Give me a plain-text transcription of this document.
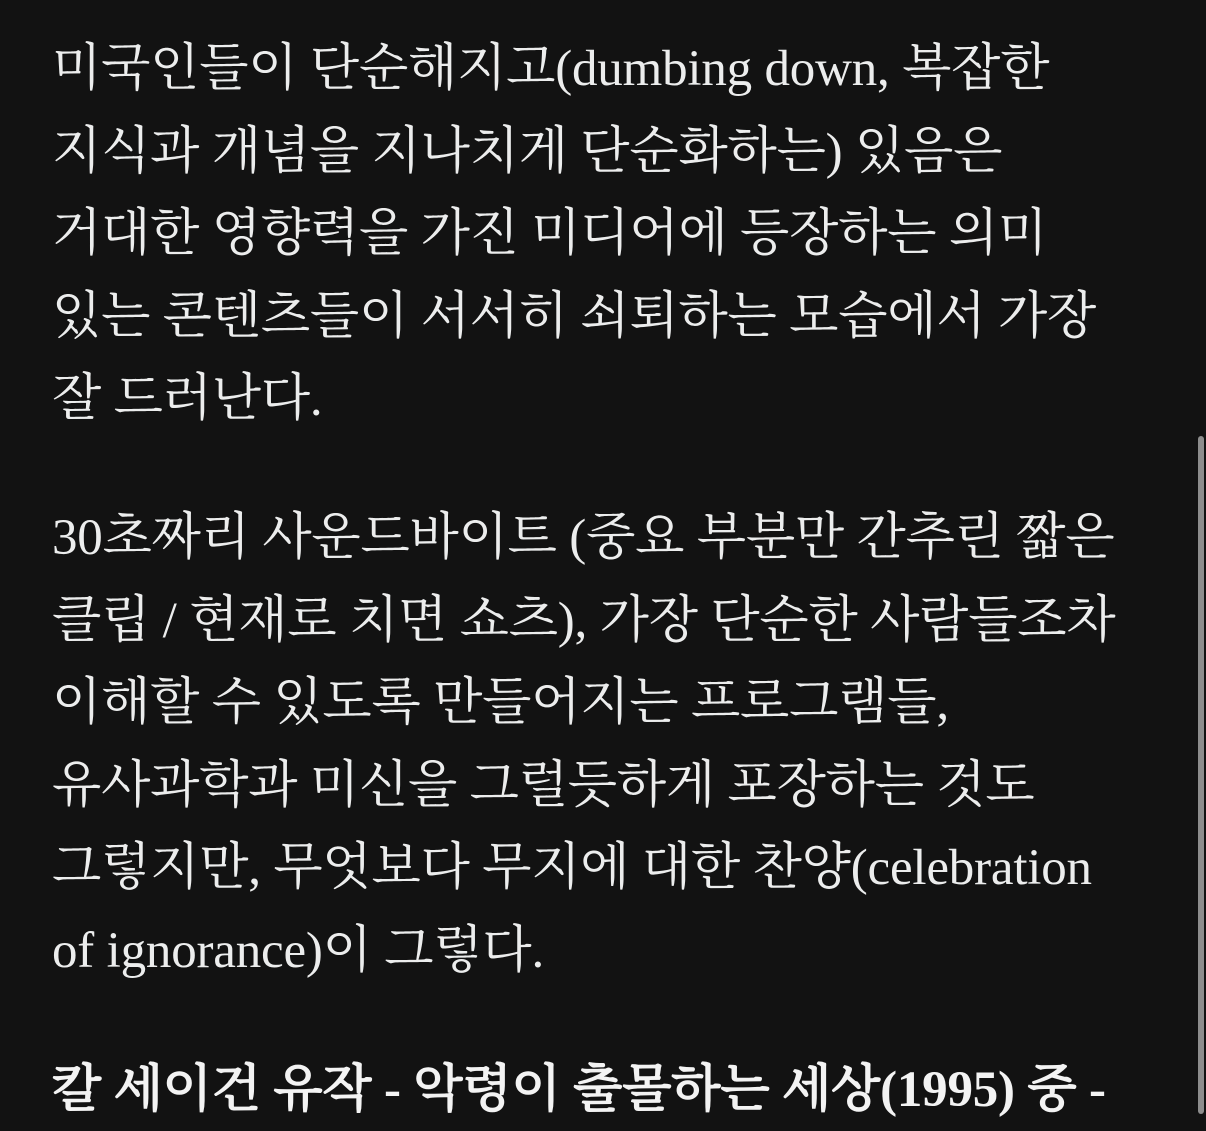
미국인들이 단순해지고(dumbing down, 복잡한 지식과 개념을 지나치게 단순화하는) 있음은 거대한 영향력을 가진 미디어에 등장하는 의미 있는 콘텐츠들이 서서히 쇠퇴하는 모습에서 가장 잘 드러난다.

30초짜리 사운드바이트 (중요 부분만 간추린 짧은 클립 / 현재로 치면 쇼츠), 가장 단순한 사람들조차 이해할 수 있도록 만들어지는 프로그램들, 유사과학과 미신을 그럴듯하게 포장하는 것도 그렇지만, 무엇보다 무지에 대한 찬양(celebration of ignorance)이 그렇다.

칼 세이건 유작 - 악령이 출몰하는 세상(1995) 중 -
